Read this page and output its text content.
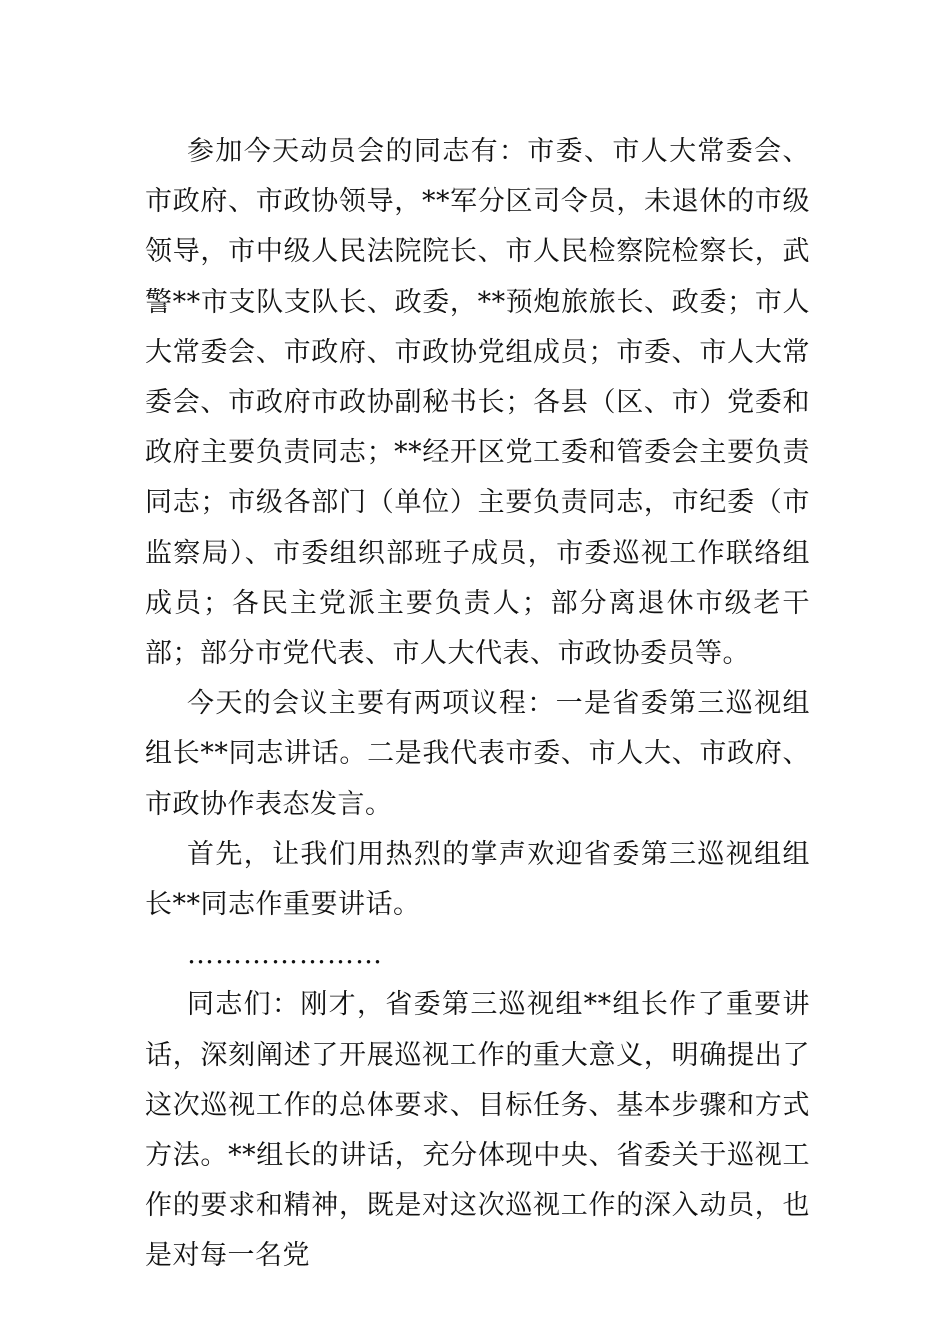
参加今天动员会的同志有：市委、市人大常委会、市政府、市政协领导，**军分区司令员，未退休的市级领导，市中级人民法院院长、市人民检察院检察长，武警**市支队支队长、政委，**预炮旅旅长、政委；市人大常委会、市政府、市政协党组成员；市委、市人大常委会、市政府市政协副秘书长；各县（区、市）党委和政府主要负责同志；**经开区党工委和管委会主要负责同志；市级各部门（单位）主要负责同志，市纪委（市监察局）、市委组织部班子成员，市委巡视工作联络组成员；各民主党派主要负责人；部分离退休市级老干部；部分市党代表、市人大代表、市政协委员等。

今天的会议主要有两项议程：一是省委第三巡视组组长**同志讲话。二是我代表市委、市人大、市政府、市政协作表态发言。

首先，让我们用热烈的掌声欢迎省委第三巡视组组长**同志作重要讲话。

…………………

同志们：刚才，省委第三巡视组**组长作了重要讲话，深刻阐述了开展巡视工作的重大意义，明确提出了这次巡视工作的总体要求、目标任务、基本步骤和方式方法。**组长的讲话，充分体现中央、省委关于巡视工作的要求和精神，既是对这次巡视工作的深入动员，也是对每一名党
